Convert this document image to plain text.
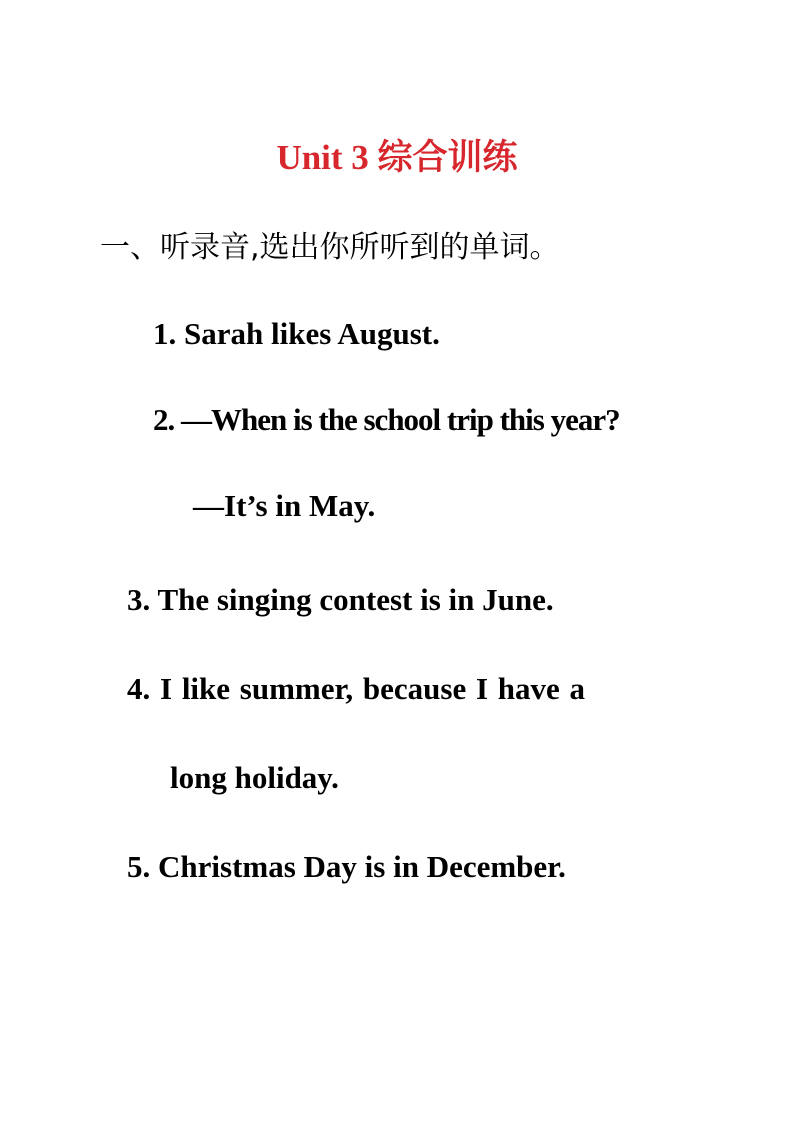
Unit 3 综合训练
一、听录音,选出你所听到的单词。
1. Sarah likes August.
2. —When is the school trip this year?
—It’s in May.
3. The singing contest is in June.
4. I like summer, because I have a
long holiday.
5. Christmas Day is in December.
